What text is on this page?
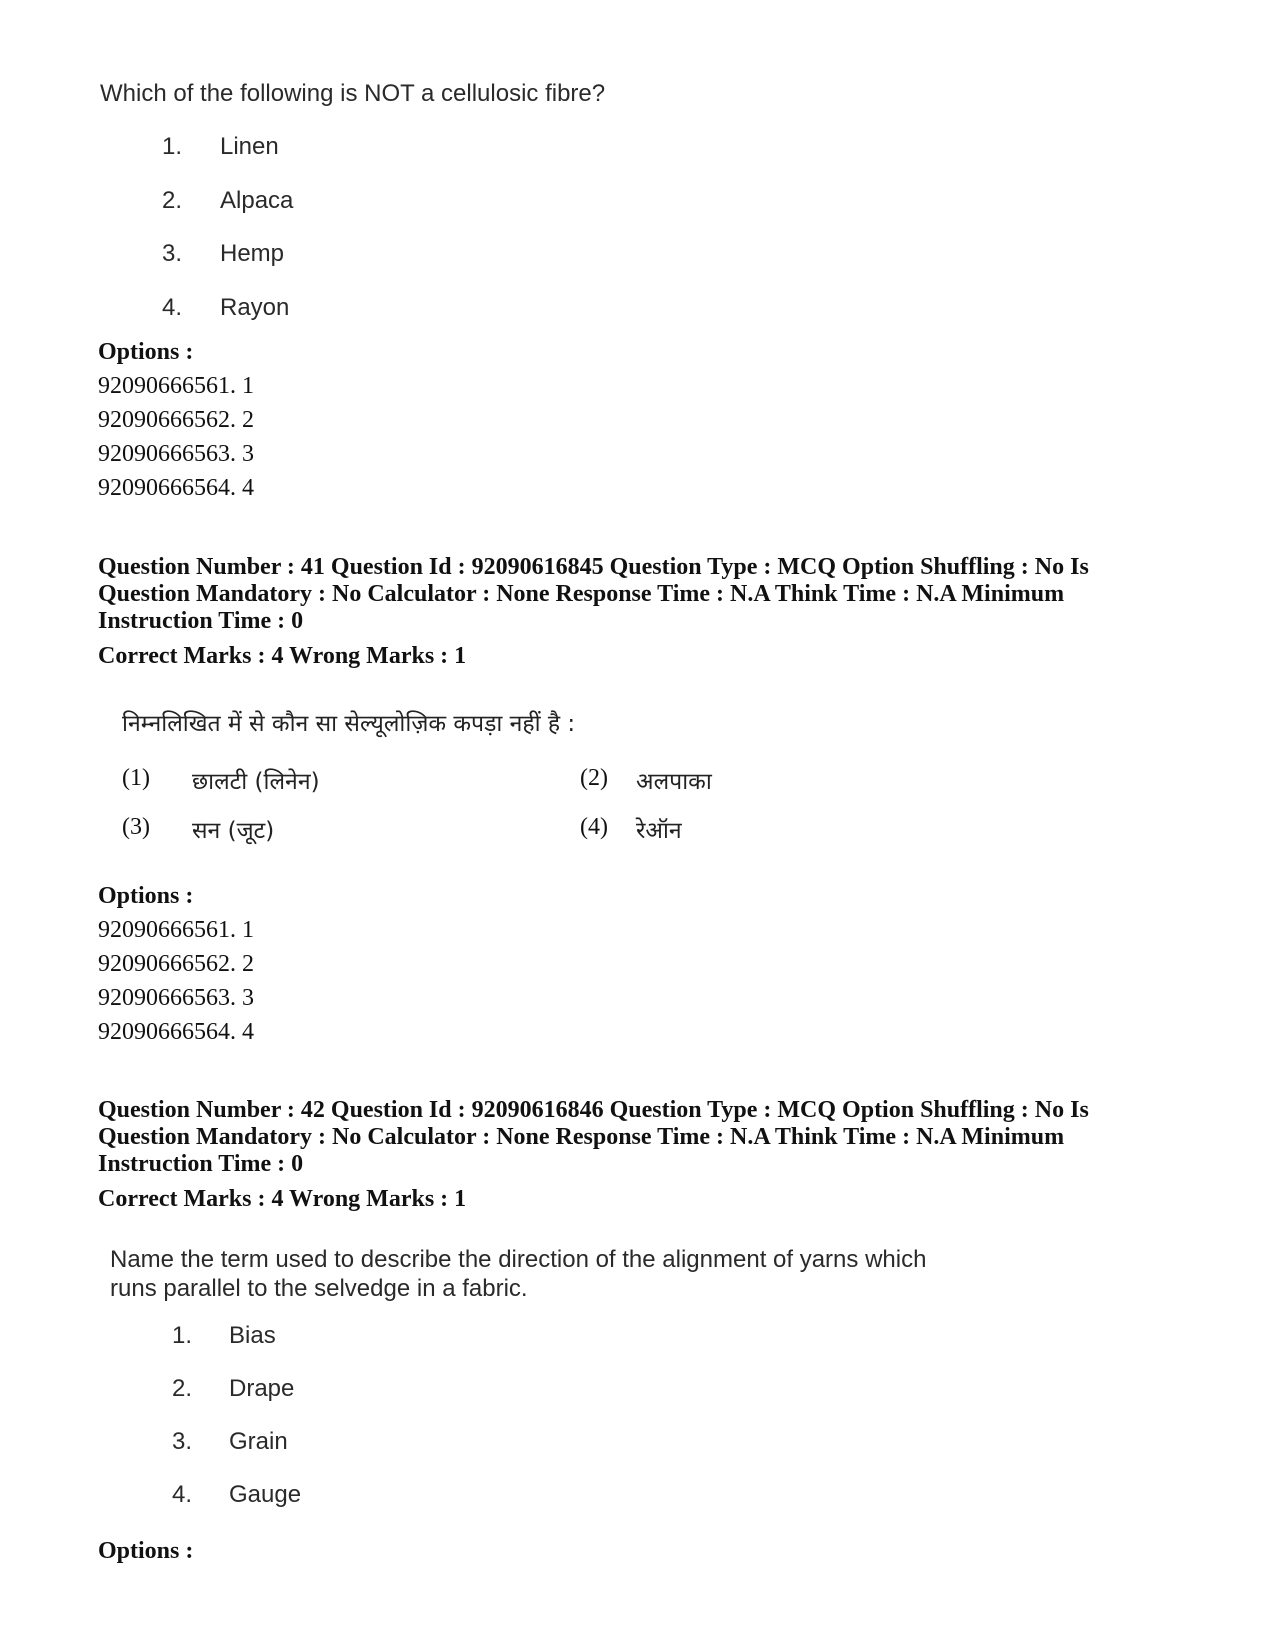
Which of the following is NOT a cellulosic fibre?
1. Linen
2. Alpaca
3. Hemp
4. Rayon
Options :
92090666561. 1
92090666562. 2
92090666563. 3
92090666564. 4
Question Number : 41 Question Id : 92090616845 Question Type : MCQ Option Shuffling : No Is
Question Mandatory : No Calculator : None Response Time : N.A Think Time : N.A Minimum
Instruction Time : 0
Correct Marks : 4 Wrong Marks : 1
निम्नलिखित में से कौन सा सेल्यूलोज़िक कपड़ा नहीं है :
(1) छालटी (लिनेन)	(2) अलपाका
(3) सन (जूट)	(4) रेऑन
Options :
92090666561. 1
92090666562. 2
92090666563. 3
92090666564. 4
Question Number : 42 Question Id : 92090616846 Question Type : MCQ Option Shuffling : No Is
Question Mandatory : No Calculator : None Response Time : N.A Think Time : N.A Minimum
Instruction Time : 0
Correct Marks : 4 Wrong Marks : 1
Name the term used to describe the direction of the alignment of yarns which
runs parallel to the selvedge in a fabric.
1. Bias
2. Drape
3. Grain
4. Gauge
Options :
